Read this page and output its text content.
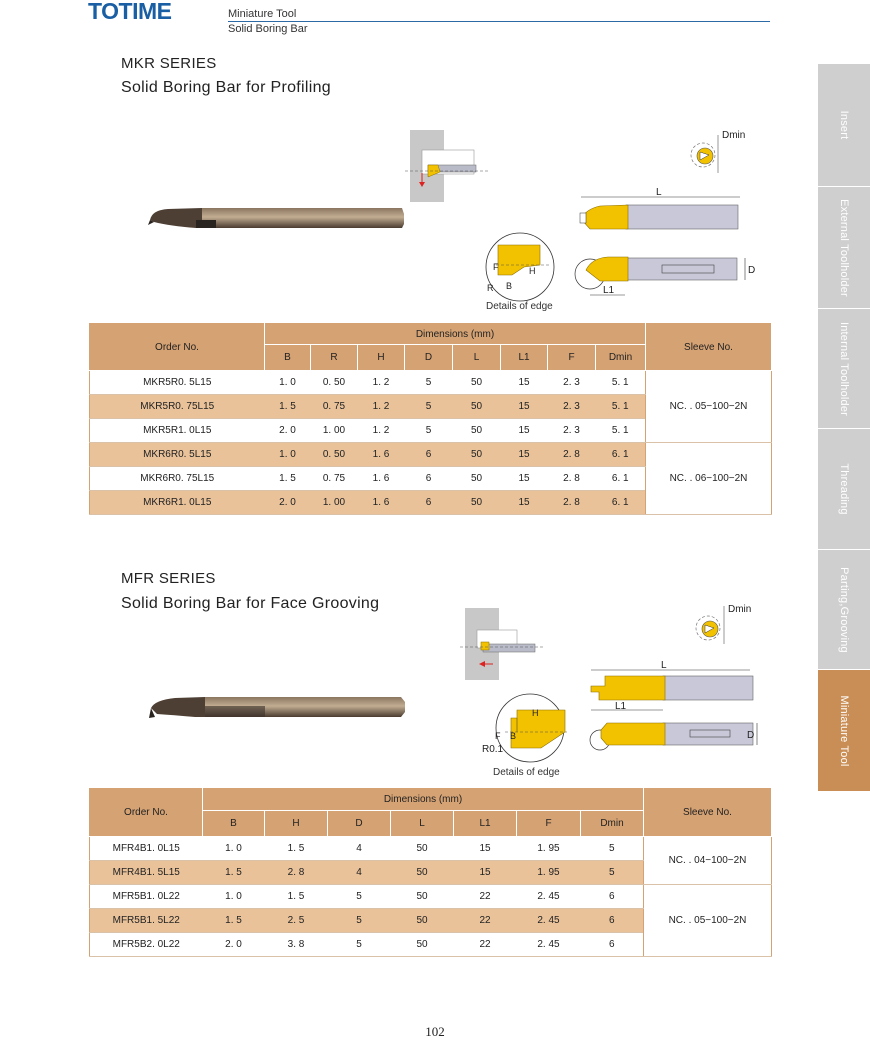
TOTIME	Miniature Tool
Solid Boring Bar
Insert
External Toolholder
Internal Toolholder
Threading
Parting,Grooving
Miniature Tool
MKR SERIES
Solid Boring Bar for Profiling
Dmin
L
F	H
R B
Details of edge
L1
D
Order No.	Dimensions (mm)								Sleeve No.
	B	R	H	D	L	L1	F	Dmin	
MKR5R0. 5L15	1. 0	0. 50	1. 2	5	50	15	2. 3	5. 1	NC. . 05−100−2N
MKR5R0. 75L15	1. 5	0. 75	1. 2	5	50	15	2. 3	5. 1	
MKR5R1. 0L15	2. 0	1. 00	1. 2	5	50	15	2. 3	5. 1	
MKR6R0. 5L15	1. 0	0. 50	1. 6	6	50	15	2. 8	6. 1	NC. . 06−100−2N
MKR6R0. 75L15	1. 5	0. 75	1. 6	6	50	15	2. 8	6. 1	
MKR6R1. 0L15	2. 0	1. 00	1. 6	6	50	15	2. 8	6. 1	
MFR SERIES
Solid Boring Bar for Face Grooving	Dmin
L
L1
H
F B
R0.1
Details of edge
D
Order No.	Dimensions (mm)							Sleeve No.
	B	H	D	L	L1	F	Dmin	
MFR4B1. 0L15	1. 0	1. 5	4	50	15	1. 95	5	NC. . 04−100−2N
MFR4B1. 5L15	1. 5	2. 8	4	50	15	1. 95	5	
MFR5B1. 0L22	1. 0	1. 5	5	50	22	2. 45	6	NC. . 05−100−2N
MFR5B1. 5L22	1. 5	2. 5	5	50	22	2. 45	6	
MFR5B2. 0L22	2. 0	3. 8	5	50	22	2. 45	6	
102
